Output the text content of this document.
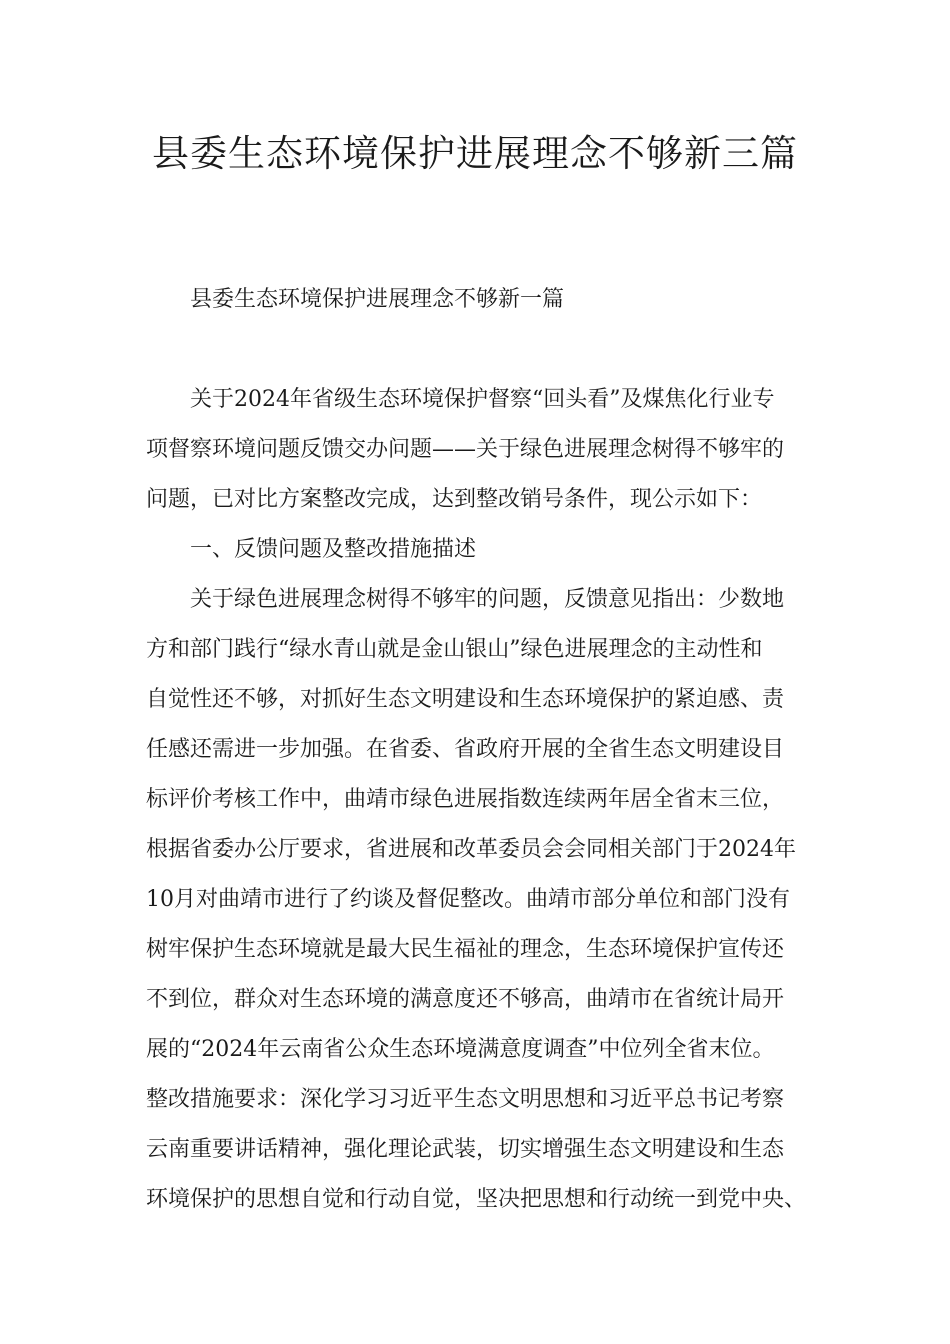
县委生态环境保护进展理念不够新三篇

县委生态环境保护进展理念不够新一篇

关于2024年省级生态环境保护督察“回头看”及煤焦化行业专

项督察环境问题反馈交办问题——关于绿色进展理念树得不够牢的

问题，已对比方案整改完成，达到整改销号条件，现公示如下：

一、反馈问题及整改措施描述

关于绿色进展理念树得不够牢的问题，反馈意见指出：少数地

方和部门践行“绿水青山就是金山银山”绿色进展理念的主动性和

自觉性还不够，对抓好生态文明建设和生态环境保护的紧迫感、责

任感还需进一步加强。在省委、省政府开展的全省生态文明建设目

标评价考核工作中，曲靖市绿色进展指数连续两年居全省末三位，

根据省委办公厅要求，省进展和改革委员会会同相关部门于2024年

10月对曲靖市进行了约谈及督促整改。曲靖市部分单位和部门没有

树牢保护生态环境就是最大民生福祉的理念，生态环境保护宣传还

不到位，群众对生态环境的满意度还不够高，曲靖市在省统计局开

展的“2024年云南省公众生态环境满意度调查”中位列全省末位。

整改措施要求：深化学习习近平生态文明思想和习近平总书记考察

云南重要讲话精神，强化理论武装，切实增强生态文明建设和生态

环境保护的思想自觉和行动自觉，坚决把思想和行动统一到党中央、
